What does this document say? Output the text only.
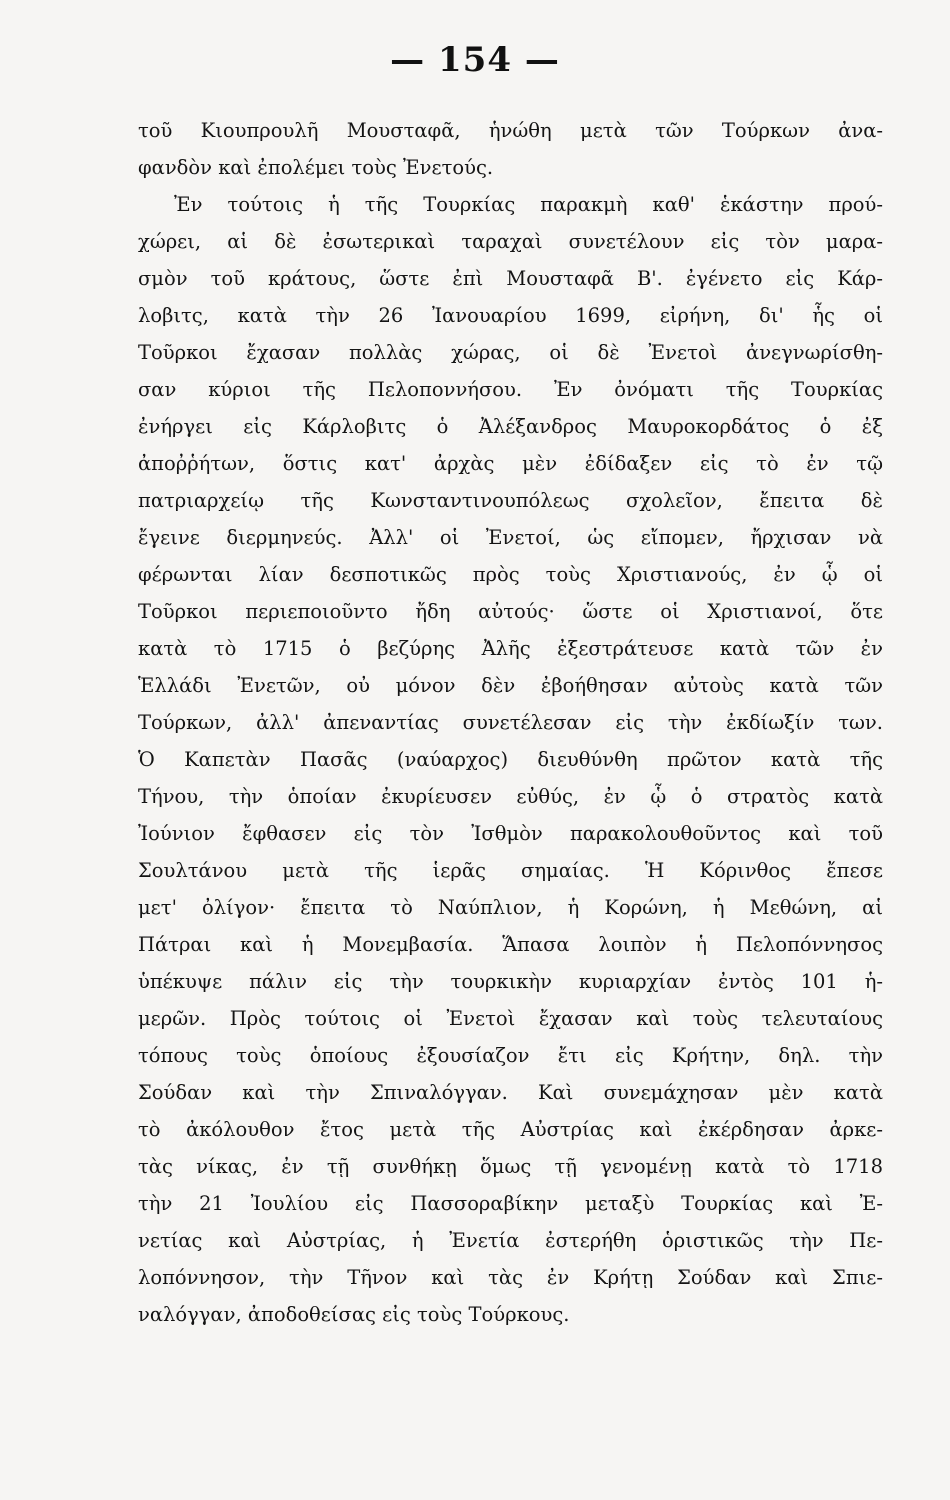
— 154 —
τοῦ Κιουπρουλῆ Μουσταφᾶ, ἡνώθη μετὰ τῶν Τούρκων ἀνα-
φανδὸν καὶ ἐπολέμει τοὺς Ἐνετούς.
Ἐν τούτοις ἡ τῆς Τουρκίας παρακμὴ καθ' ἑκάστην πρού-
χώρει, αἱ δὲ ἐσωτερικαὶ ταραχαὶ συνετέλουν εἰς τὸν μαρα-
σμὸν τοῦ κράτους, ὥστε ἐπὶ Μουσταφᾶ Β'. ἐγένετο εἰς Κάρ-
λοβιτς, κατὰ τὴν 26 Ἰανουαρίου 1699, εἰρήνη, δι' ἧς οἱ
Τοῦρκοι ἔχασαν πολλὰς χώρας, οἱ δὲ Ἐνετοὶ ἀνεγνωρίσθη-
σαν κύριοι τῆς Πελοποννήσου. Ἐν ὀνόματι τῆς Τουρκίας
ἐνήργει εἰς Κάρλοβιτς ὁ Ἀλέξανδρος Μαυροκορδάτος ὁ ἐξ
ἀποῤῥήτων, ὅστις κατ' ἀρχὰς μὲν ἐδίδαξεν εἰς τὸ ἐν τῷ
πατριαρχείῳ τῆς Κωνσταντινουπόλεως σχολεῖον, ἔπειτα δὲ
ἔγεινε διερμηνεύς. Ἀλλ' οἱ Ἐνετοί, ὡς εἴπομεν, ἤρχισαν νὰ
φέρωνται λίαν δεσποτικῶς πρὸς τοὺς Χριστιανούς, ἐν ᾧ οἱ
Τοῦρκοι περιεποιοῦντο ἤδη αὐτούς· ὥστε οἱ Χριστιανοί, ὅτε
κατὰ τὸ 1715 ὁ βεζύρης Ἀλῆς ἐξεστράτευσε κατὰ τῶν ἐν
Ἑλλάδι Ἐνετῶν, οὐ μόνον δὲν ἐβοήθησαν αὐτοὺς κατὰ τῶν
Τούρκων, ἀλλ' ἀπεναντίας συνετέλεσαν εἰς τὴν ἐκδίωξίν των.
Ὁ Καπετὰν Πασᾶς (ναύαρχος) διευθύνθη πρῶτον κατὰ τῆς
Τήνου, τὴν ὁποίαν ἐκυρίευσεν εὐθύς, ἐν ᾧ ὁ στρατὸς κατὰ
Ἰούνιον ἔφθασεν εἰς τὸν Ἰσθμὸν παρακολουθοῦντος καὶ τοῦ
Σουλτάνου μετὰ τῆς ἱερᾶς σημαίας. Ἡ Κόρινθος ἔπεσε
μετ' ὀλίγον· ἔπειτα τὸ Ναύπλιον, ἡ Κορώνη, ἡ Μεθώνη, αἱ
Πάτραι καὶ ἡ Μονεμβασία. Ἅπασα λοιπὸν ἡ Πελοπόννησος
ὑπέκυψε πάλιν εἰς τὴν τουρκικὴν κυριαρχίαν ἐντὸς 101 ἡ-
μερῶν. Πρὸς τούτοις οἱ Ἐνετοὶ ἔχασαν καὶ τοὺς τελευταίους
τόπους τοὺς ὁποίους ἐξουσίαζον ἔτι εἰς Κρήτην, δηλ. τὴν
Σούδαν καὶ τὴν Σπιναλόγγαν. Καὶ συνεμάχησαν μὲν κατὰ
τὸ ἀκόλουθον ἔτος μετὰ τῆς Αὐστρίας καὶ ἐκέρδησαν ἀρκε-
τὰς νίκας, ἐν τῇ συνθήκῃ ὅμως τῇ γενομένῃ κατὰ τὸ 1718
τὴν 21 Ἰουλίου εἰς Πασσοραβίκην μεταξὺ Τουρκίας καὶ Ἐ-
νετίας καὶ Αὐστρίας, ἡ Ἐνετία ἐστερήθη ὁριστικῶς τὴν Πε-
λοπόννησον, τὴν Τῆνον καὶ τὰς ἐν Κρήτῃ Σούδαν καὶ Σπιε-
ναλόγγαν, ἀποδοθείσας εἰς τοὺς Τούρκους.
